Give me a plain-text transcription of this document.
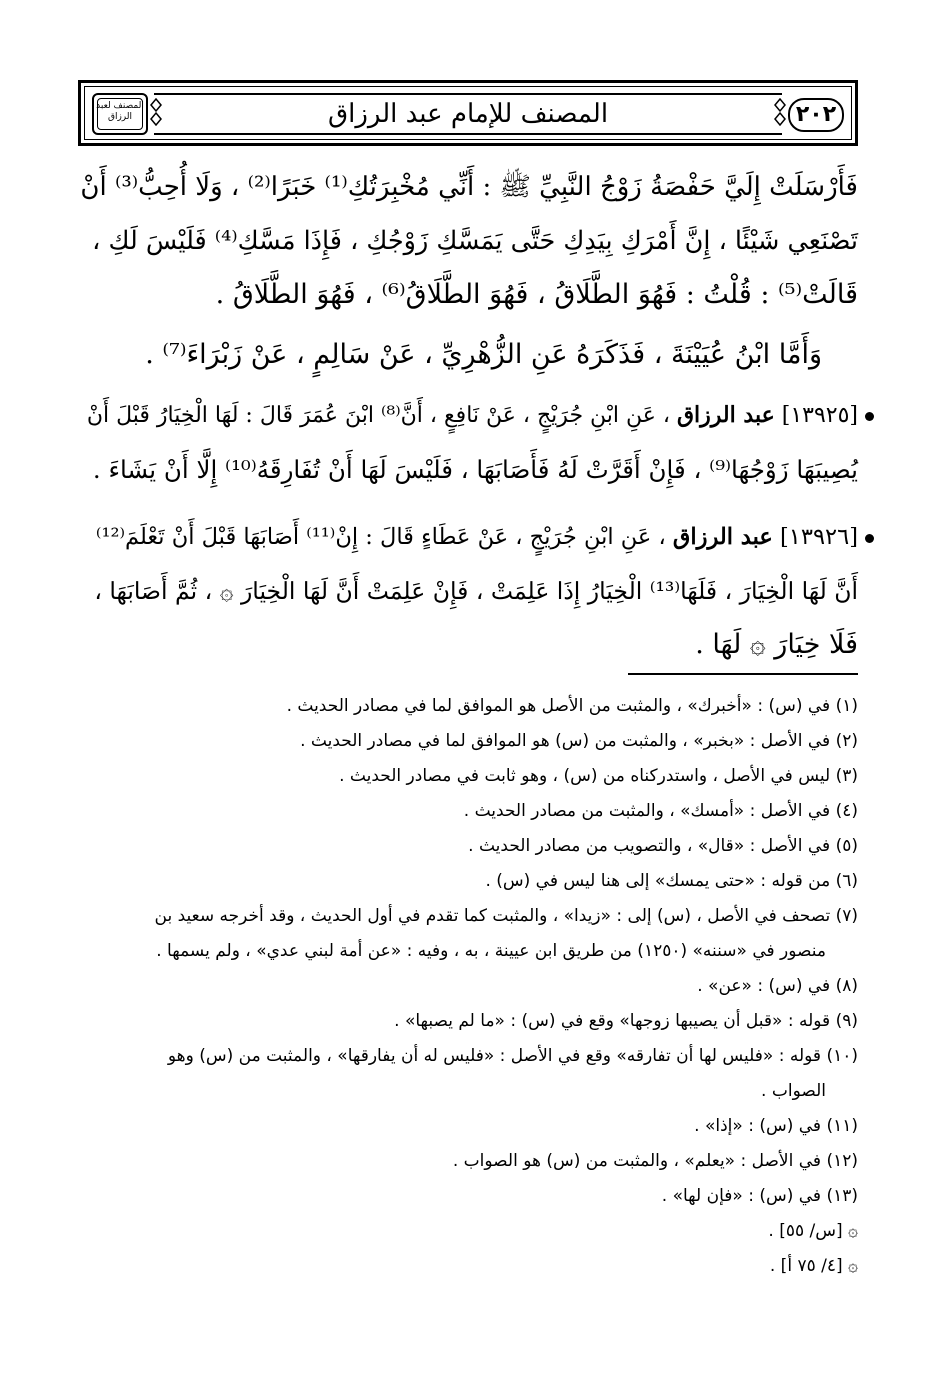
المصنف لعبد الرزاق	المصنف للإمام عبد الرزاق	٢٠٢
فَأَرْسَلَتْ إِلَيَّ حَفْصَةُ زَوْجُ النَّبِيِّ ﷺ : أَنِّي مُخْبِرَتُكِ⁽¹⁾ خَبَرًا⁽²⁾ ، وَلَا أُحِبُّ⁽³⁾ أَنْ
تَصْنَعِي شَيْئًا ، إِنَّ أَمْرَكِ بِيَدِكِ حَتَّى يَمَسَّكِ زَوْجُكِ ، فَإِذَا مَسَّكِ⁽⁴⁾ فَلَيْسَ لَكِ ،
قَالَتْ⁽⁵⁾ : قُلْتُ : فَهُوَ الطَّلَاقُ ، فَهُوَ الطَّلَاقُ⁽⁶⁾ ، فَهُوَ الطَّلَاقُ .
وَأَمَّا ابْنُ عُيَيْنَةَ ، فَذَكَرَهُ عَنِ الزُّهْرِيِّ ، عَنْ سَالِمٍ ، عَنْ زَبْرَاءَ⁽⁷⁾ .
[١٣٩٢٥] عبد الرزاق ، عَنِ ابْنِ جُرَيْجٍ ، عَنْ نَافِعٍ ، أَنَّ⁽⁸⁾ ابْنَ عُمَرَ قَالَ : لَهَا الْخِيَارُ قَبْلَ أَنْ
يُصِيبَهَا زَوْجُهَا⁽⁹⁾ ، فَإِنْ أَقَرَّتْ لَهُ فَأَصَابَهَا ، فَلَيْسَ لَهَا أَنْ تُفَارِقَهُ⁽¹⁰⁾ إِلَّا أَنْ يَشَاءَ .
[١٣٩٢٦] عبد الرزاق ، عَنِ ابْنِ جُرَيْجٍ ، عَنْ عَطَاءٍ قَالَ : إِنْ⁽¹¹⁾ أَصَابَهَا قَبْلَ أَنْ تَعْلَمَ⁽¹²⁾
أَنَّ لَهَا الْخِيَارَ ، فَلَهَا⁽¹³⁾ الْخِيَارُ إِذَا عَلِمَتْ ، فَإِنْ عَلِمَتْ أَنَّ لَهَا الْخِيَارَ ۞ ، ثُمَّ أَصَابَهَا ،
فَلَا خِيَارَ ۞ لَهَا .
(١) في (س) : «أخبرك» ، والمثبت من الأصل هو الموافق لما في مصادر الحديث .
(٢) في الأصل : «بخبر» ، والمثبت من (س) هو الموافق لما في مصادر الحديث .
(٣) ليس في الأصل ، واستدركناه من (س) ، وهو ثابت في مصادر الحديث .
(٤) في الأصل : «أمسك» ، والمثبت من مصادر الحديث .
(٥) في الأصل : «قال» ، والتصويب من مصادر الحديث .
(٦) من قوله : «حتى يمسك» إلى هنا ليس في (س) .
(٧) تصحف في الأصل ، (س) إلى : «زيدا» ، والمثبت كما تقدم في أول الحديث ، وقد أخرجه سعيد بن
منصور في «سننه» (١٢٥٠) من طريق ابن عيينة ، به ، وفيه : «عن أمة لبني عدي» ، ولم يسمها .
(٨) في (س) : «عن» .
(٩) قوله : «قبل أن يصيبها زوجها» وقع في (س) : «ما لم يصبها» .
(١٠) قوله : «فليس لها أن تفارقه» وقع في الأصل : «فليس له أن يفارقها» ، والمثبت من (س) وهو
الصواب .
(١١) في (س) : «إذا» .
(١٢) في الأصل : «يعلم» ، والمثبت من (س) هو الصواب .
(١٣) في (س) : «فإن لها» .
۞ [س/ ٥٥] .
۞ [٤/ ٧٥ أ] .
